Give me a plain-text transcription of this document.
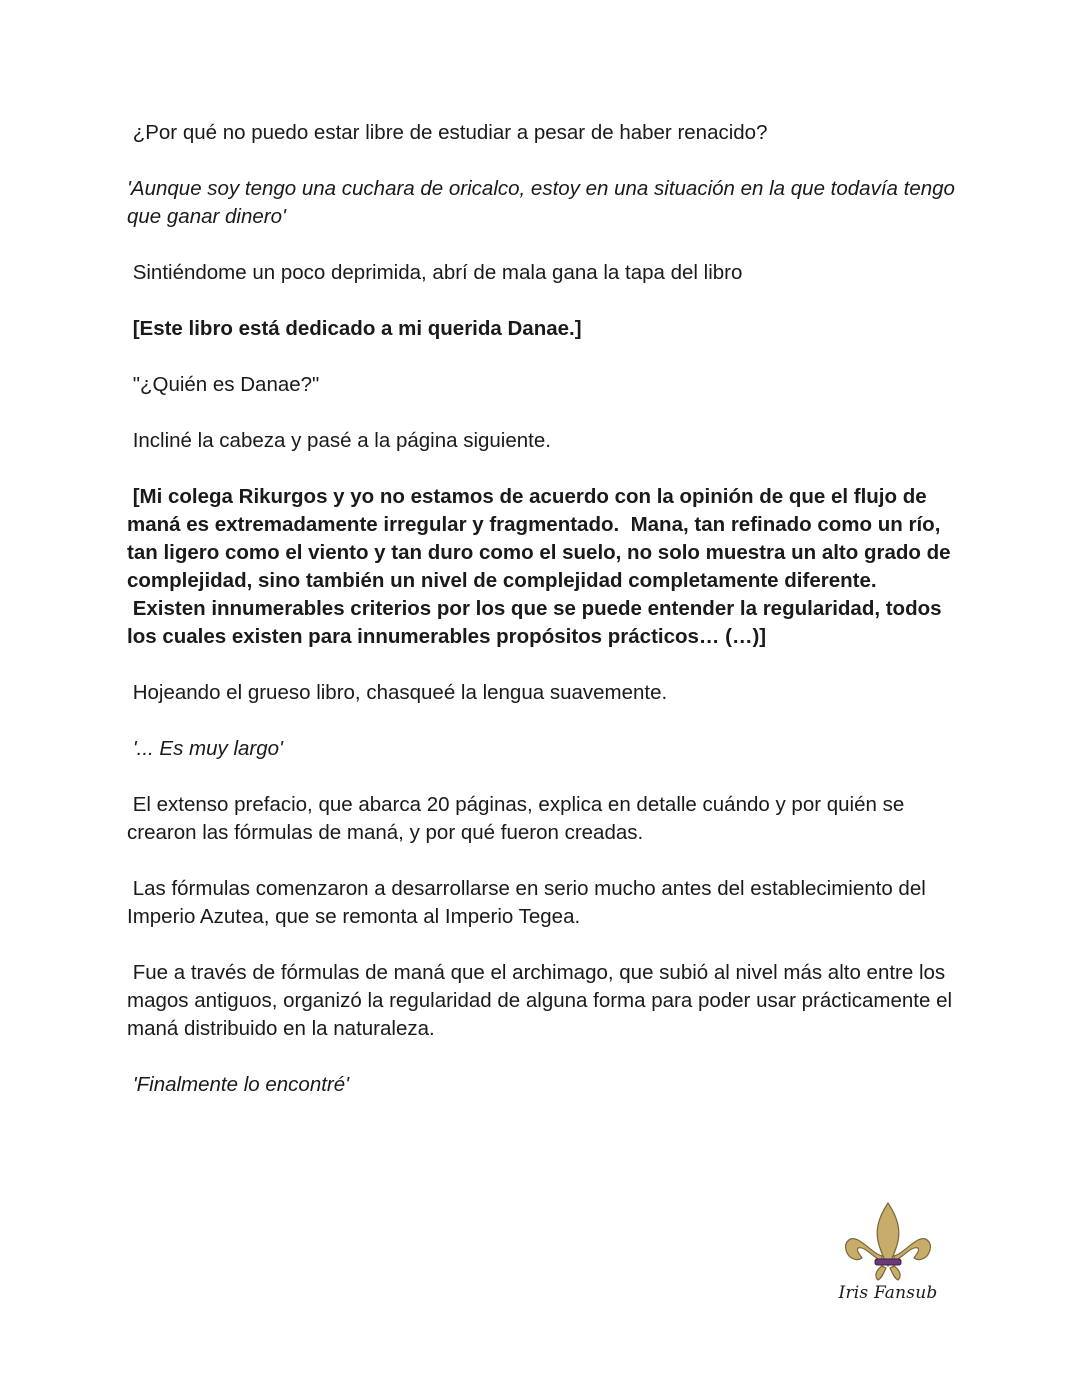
¿Por qué no puedo estar libre de estudiar a pesar de haber renacido?

'Aunque soy tengo una cuchara de oricalco, estoy en una situación en la que todavía tengo que ganar dinero'

Sintiéndome un poco deprimida, abrí de mala gana la tapa del libro

[Este libro está dedicado a mi querida Danae.]

"¿Quién es Danae?"

Incliné la cabeza y pasé a la página siguiente.

[Mi colega Rikurgos y yo no estamos de acuerdo con la opinión de que el flujo de maná es extremadamente irregular y fragmentado.  Mana, tan refinado como un río, tan ligero como el viento y tan duro como el suelo, no solo muestra un alto grado de complejidad, sino también un nivel de complejidad completamente diferente.
Existen innumerables criterios por los que se puede entender la regularidad, todos los cuales existen para innumerables propósitos prácticos… (…)]

Hojeando el grueso libro, chasqueé la lengua suavemente.

'... Es muy largo'

El extenso prefacio, que abarca 20 páginas, explica en detalle cuándo y por quién se crearon las fórmulas de maná, y por qué fueron creadas.

Las fórmulas comenzaron a desarrollarse en serio mucho antes del establecimiento del Imperio Azutea, que se remonta al Imperio Tegea.

Fue a través de fórmulas de maná que el archimago, que subió al nivel más alto entre los magos antiguos, organizó la regularidad de alguna forma para poder usar prácticamente el maná distribuido en la naturaleza.

'Finalmente lo encontré'

Iris Fansub
